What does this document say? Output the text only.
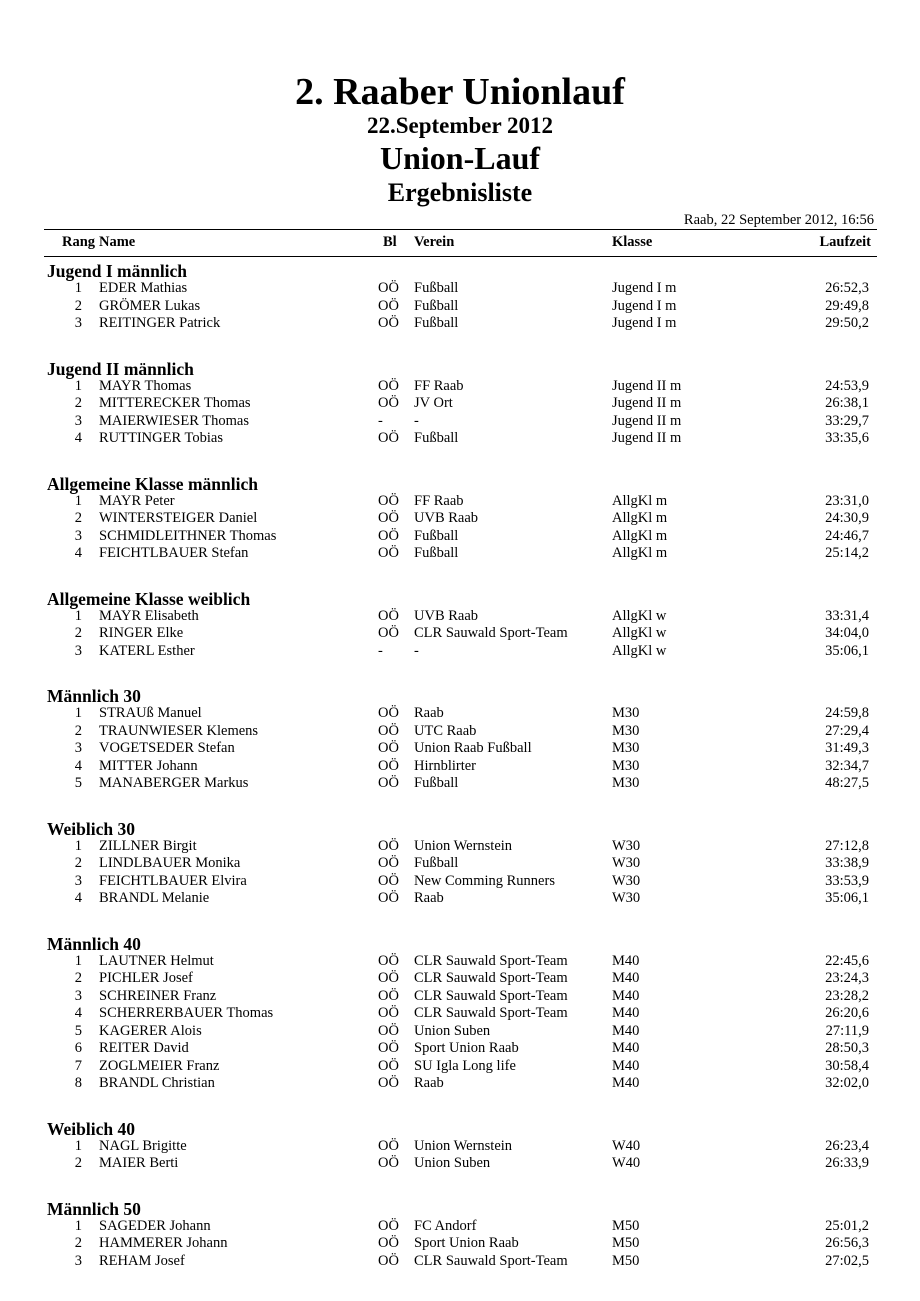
2. Raaber Unionlauf
22.September 2012
Union-Lauf
Ergebnisliste
Raab, 22 September 2012, 16:56
Rang Name	Bl Verein	Klasse	Laufzeit
Jugend I männlich
1 EDER Mathias	OÖ Fußball	Jugend I m	26:52,3
2 GRÖMER Lukas	OÖ Fußball	Jugend I m	29:49,8
3 REITINGER Patrick	OÖ Fußball	Jugend I m	29:50,2
Jugend II männlich
1 MAYR Thomas	OÖ FF Raab	Jugend II m	24:53,9
2 MITTERECKER Thomas	OÖ JV Ort	Jugend II m	26:38,1
3 MAIERWIESER Thomas	- -	Jugend II m	33:29,7
4 RUTTINGER Tobias	OÖ Fußball	Jugend II m	33:35,6
Allgemeine Klasse männlich
1 MAYR Peter	OÖ FF Raab	AllgKl m	23:31,0
2 WINTERSTEIGER Daniel	OÖ UVB Raab	AllgKl m	24:30,9
3 SCHMIDLEITHNER Thomas	OÖ Fußball	AllgKl m	24:46,7
4 FEICHTLBAUER Stefan	OÖ Fußball	AllgKl m	25:14,2
Allgemeine Klasse weiblich
1 MAYR Elisabeth	OÖ UVB Raab	AllgKl w	33:31,4
2 RINGER Elke	OÖ CLR Sauwald Sport-Team	AllgKl w	34:04,0
3 KATERL Esther	- -	AllgKl w	35:06,1
Männlich 30
1 STRAUß Manuel	OÖ Raab	M30	24:59,8
2 TRAUNWIESER Klemens	OÖ UTC Raab	M30	27:29,4
3 VOGETSEDER Stefan	OÖ Union Raab Fußball	M30	31:49,3
4 MITTER Johann	OÖ Hirnblirter	M30	32:34,7
5 MANABERGER Markus	OÖ Fußball	M30	48:27,5
Weiblich 30
1 ZILLNER Birgit	OÖ Union Wernstein	W30	27:12,8
2 LINDLBAUER Monika	OÖ Fußball	W30	33:38,9
3 FEICHTLBAUER Elvira	OÖ New Comming Runners	W30	33:53,9
4 BRANDL Melanie	OÖ Raab	W30	35:06,1
Männlich 40
1 LAUTNER Helmut	OÖ CLR Sauwald Sport-Team	M40	22:45,6
2 PICHLER Josef	OÖ CLR Sauwald Sport-Team	M40	23:24,3
3 SCHREINER Franz	OÖ CLR Sauwald Sport-Team	M40	23:28,2
4 SCHERRERBAUER Thomas	OÖ CLR Sauwald Sport-Team	M40	26:20,6
5 KAGERER Alois	OÖ Union Suben	M40	27:11,9
6 REITER David	OÖ Sport Union Raab	M40	28:50,3
7 ZOGLMEIER Franz	OÖ SU Igla Long life	M40	30:58,4
8 BRANDL Christian	OÖ Raab	M40	32:02,0
Weiblich 40
1 NAGL Brigitte	OÖ Union Wernstein	W40	26:23,4
2 MAIER Berti	OÖ Union Suben	W40	26:33,9
Männlich 50
1 SAGEDER Johann	OÖ FC Andorf	M50	25:01,2
2 HAMMERER Johann	OÖ Sport Union Raab	M50	26:56,3
3 REHAM Josef	OÖ CLR Sauwald Sport-Team	M50	27:02,5
